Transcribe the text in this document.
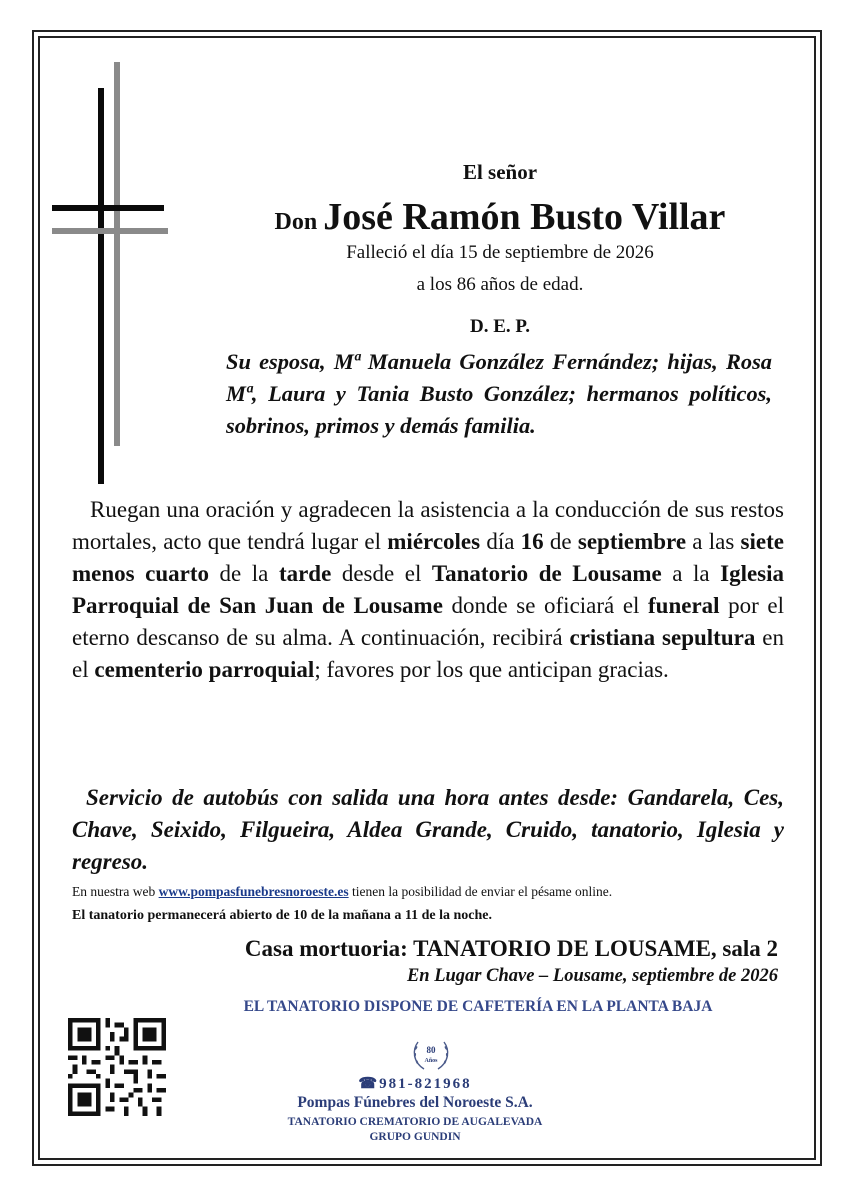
El señor
Don José Ramón Busto Villar
Falleció el día 15 de septiembre de 2026
a los 86 años de edad.
D. E. P.
Su esposa, Mª Manuela González Fernández; hijas, Rosa Mª, Laura y Tania Busto González; hermanos políticos, sobrinos, primos y demás familia.
Ruegan una oración y agradecen la asistencia a la conducción de sus restos mortales, acto que tendrá lugar el miércoles día 16 de septiembre a las siete menos cuarto de la tarde desde el Tanatorio de Lousame a la Iglesia Parroquial de San Juan de Lousame donde se oficiará el funeral por el eterno descanso de su alma. A continuación, recibirá cristiana sepultura en el cementerio parroquial; favores por los que anticipan gracias.
Servicio de autobús con salida una hora antes desde: Gandarela, Ces, Chave, Seixido, Filgueira, Aldea Grande, Cruido, tanatorio, Iglesia y regreso.
En nuestra web www.pompasfunebresnoroeste.es tienen la posibilidad de enviar el pésame online.
El tanatorio permanecerá abierto de 10 de la mañana a 11 de la noche.
Casa mortuoria: TANATORIO DE LOUSAME, sala 2
En Lugar Chave – Lousame, septiembre de 2026
EL TANATORIO DISPONE DE CAFETERÍA EN LA PLANTA BAJA
80
Años
☎981-821968
Pompas Fúnebres del Noroeste S.A.
TANATORIO CREMATORIO DE AUGALEVADA
GRUPO GUNDIN
